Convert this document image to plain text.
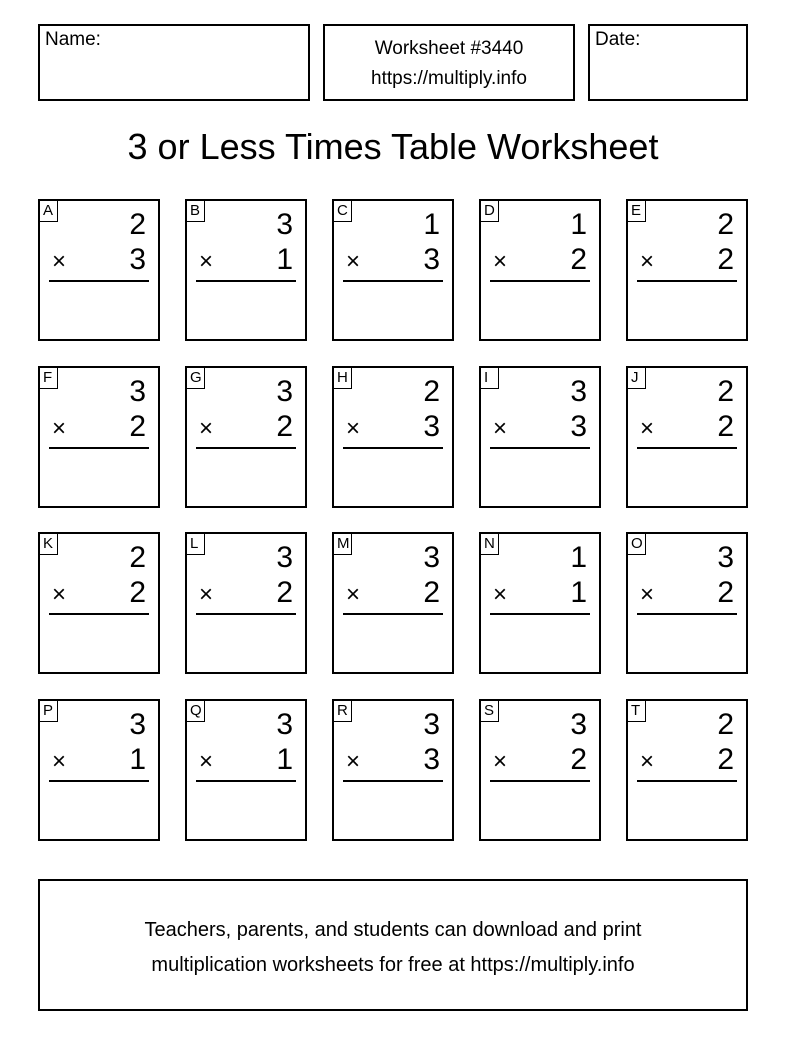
Name:	Worksheet #3440
https://multiply.info
Date:
3 or Less Times Table Worksheet
A	2
× 3
B	3
× 1
C	1
× 3
D	1
× 2
E	2
× 2
F	3
× 2
G 3
× 2
H	2
× 3
I	3
× 3
J	2
× 2
K	2
× 2
L	3
× 2
M 3
× 2
N	1
× 1
O 3
× 2
P	3
× 1
Q 3
× 1
R	3
× 3
S	3
× 2
T	2
× 2
Teachers, parents, and students can download and print
multiplication worksheets for free at https://multiply.info
